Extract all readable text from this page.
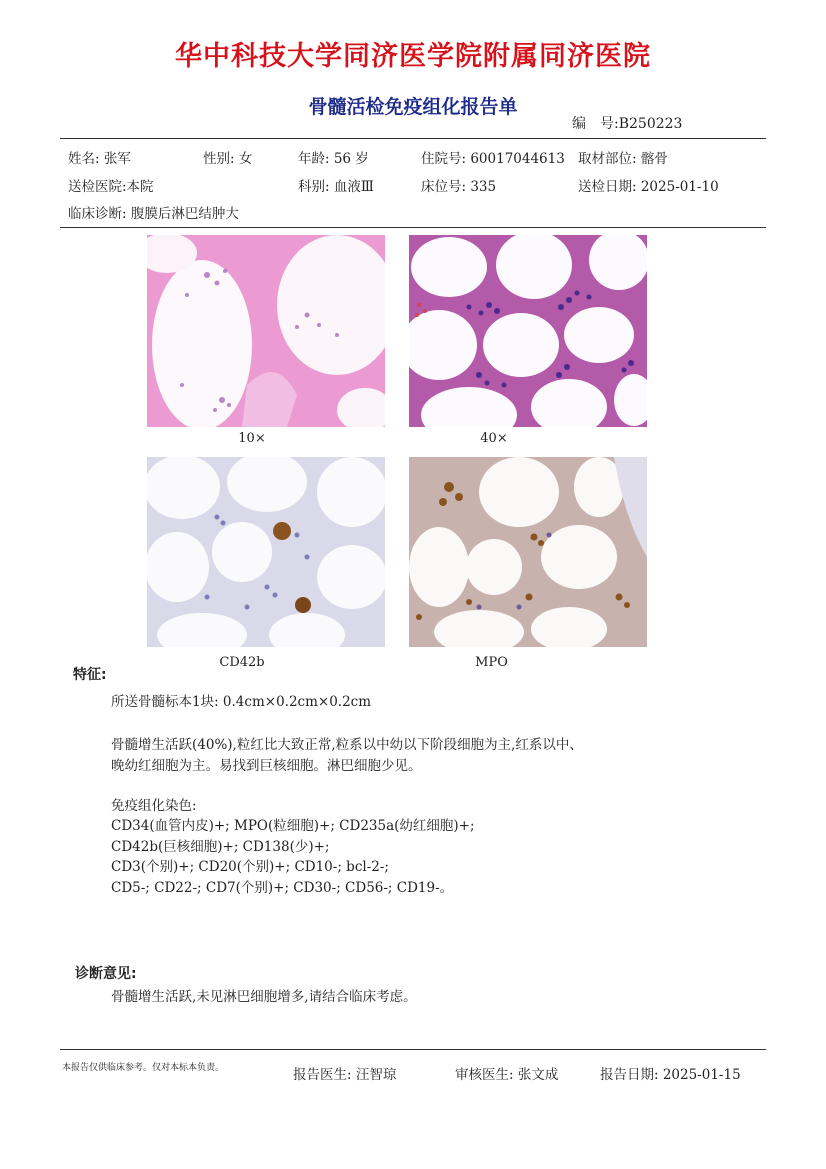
华中科技大学同济医学院附属同济医院
骨髓活检免疫组化报告单
编　号:B250223
姓名: 张军	性别: 女	年龄: 56 岁	住院号: 60017044613 取材部位: 髂骨
送检医院:本院	科别: 血液Ⅲ	床位号: 335	送检日期: 2025-01-10
临床诊断: 腹膜后淋巴结肿大
10×	40×
CD42b	MPO
特征:
所送骨髓标本1块: 0.4cm×0.2cm×0.2cm
骨髓增生活跃(40%),粒红比大致正常,粒系以中幼以下阶段细胞为主,红系以中、
晚幼红细胞为主。易找到巨核细胞。淋巴细胞少见。
免疫组化染色:
CD34(血管内皮)+; MPO(粒细胞)+; CD235a(幼红细胞)+;
CD42b(巨核细胞)+; CD138(少)+;
CD3(个别)+; CD20(个别)+; CD10-; bcl-2-;
CD5-; CD22-; CD7(个别)+; CD30-; CD56-; CD19-。
诊断意见:
骨髓增生活跃,未见淋巴细胞增多,请结合临床考虑。
本报告仅供临床参考。仅对本标本负责。	报告医生: 汪智琼	审核医生: 张文成	报告日期: 2025-01-15
